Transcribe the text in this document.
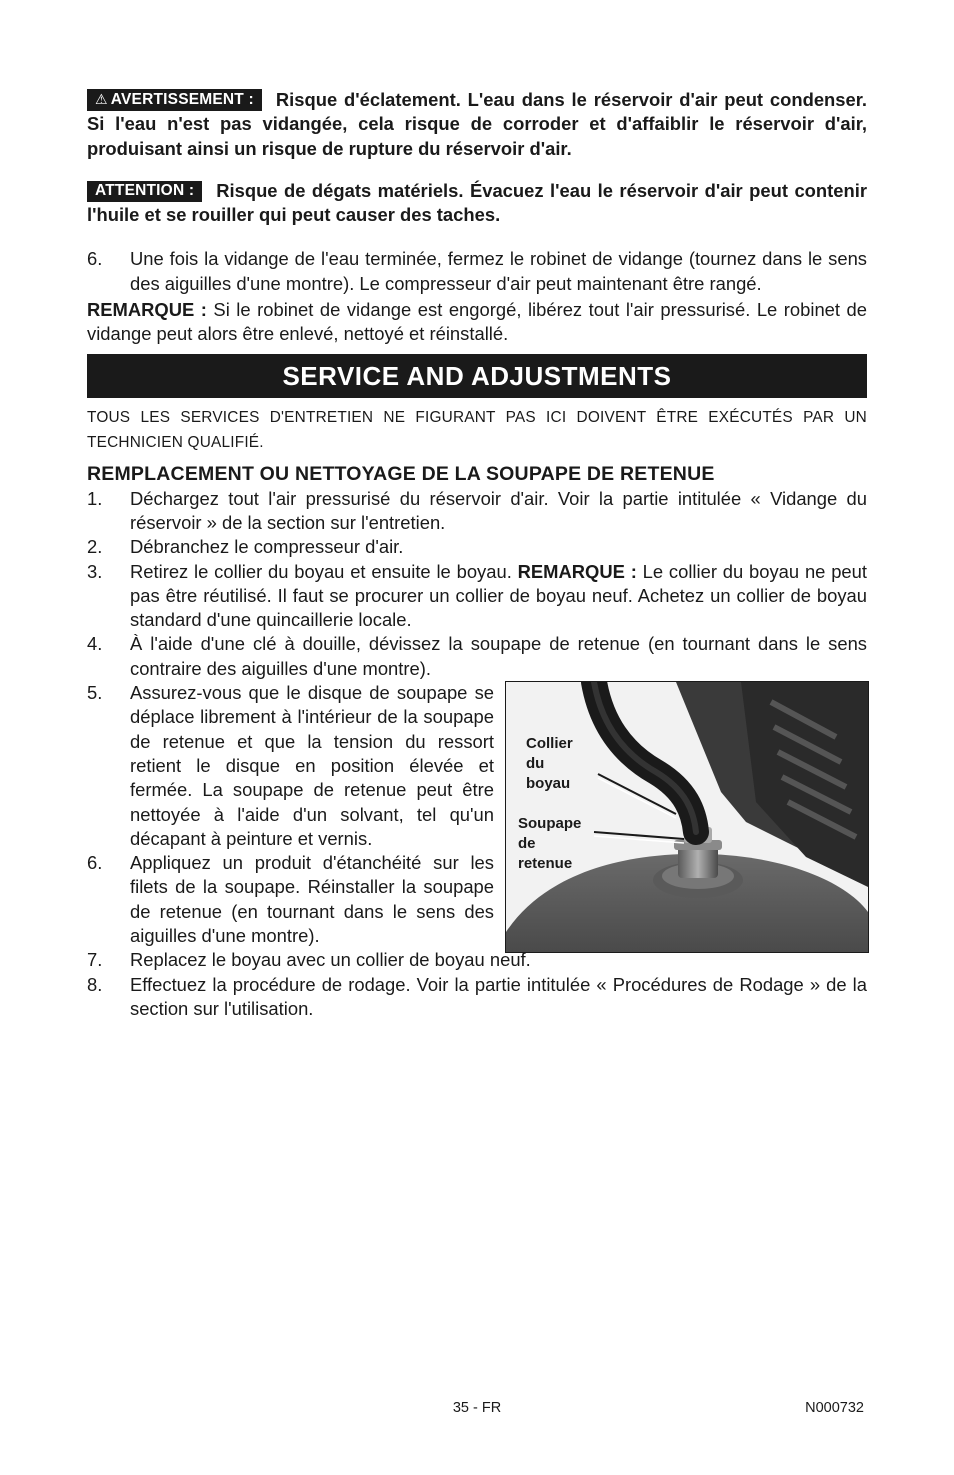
⚠ AVERTISSEMENT : Risque d'éclatement. L'eau dans le réservoir d'air peut condenser. Si l'eau n'est pas vidangée, cela risque de corroder et d'affaiblir le réservoir d'air, produisant ainsi un risque de rupture du réservoir d'air.

ATTENTION : Risque de dégats matériels. Évacuez l'eau le réservoir d'air peut contenir l'huile et se rouiller qui peut causer des taches.

6. Une fois la vidange de l'eau terminée, fermez le robinet de vidange (tournez dans le sens des aiguilles d'une montre). Le compresseur d'air peut maintenant être rangé.

REMARQUE : Si le robinet de vidange est engorgé, libérez tout l'air pressurisé. Le robinet de vidange peut alors être enlevé, nettoyé et réinstallé.

SERVICE AND ADJUSTMENTS
TOUS LES SERVICES D'ENTRETIEN NE FIGURANT PAS ICI DOIVENT ÊTRE EXÉCUTÉS PAR UN TECHNICIEN QUALIFIÉ.
REMPLACEMENT OU NETTOYAGE DE LA SOUPAPE DE RETENUE
1. Déchargez tout l'air pressurisé du réservoir d'air. Voir la partie intitulée « Vidange du réservoir » de la section sur l'entretien.
2. Débranchez le compresseur d'air.
3. Retirez le collier du boyau et ensuite le boyau. REMARQUE : Le collier du boyau ne peut pas être réutilisé. Il faut se procurer un collier de boyau neuf. Achetez un collier de boyau standard d'une quincaillerie locale.
4. À l'aide d'une clé à douille, dévissez la soupape de retenue (en tournant dans le sens contraire des aiguilles d'une montre).
Collier
du
boyau
Soupape
de
retenue
5. Assurez-vous que le disque de soupape se déplace librement à l'intérieur de la soupape de retenue et que la tension du ressort retient le disque en position élevée et fermée. La soupape de retenue peut être nettoyée à l'aide d'un solvant, tel qu'un décapant à peinture et vernis.
6. Appliquez un produit d'étanchéité sur les filets de la soupape. Réinstaller la soupape de retenue (en tournant dans le sens des aiguilles d'une montre).
7. Replacez le boyau avec un collier de boyau neuf.
8. Effectuez la procédure de rodage. Voir la partie intitulée « Procédures de Rodage » de la section sur l'utilisation.
35 - FR	N000732
